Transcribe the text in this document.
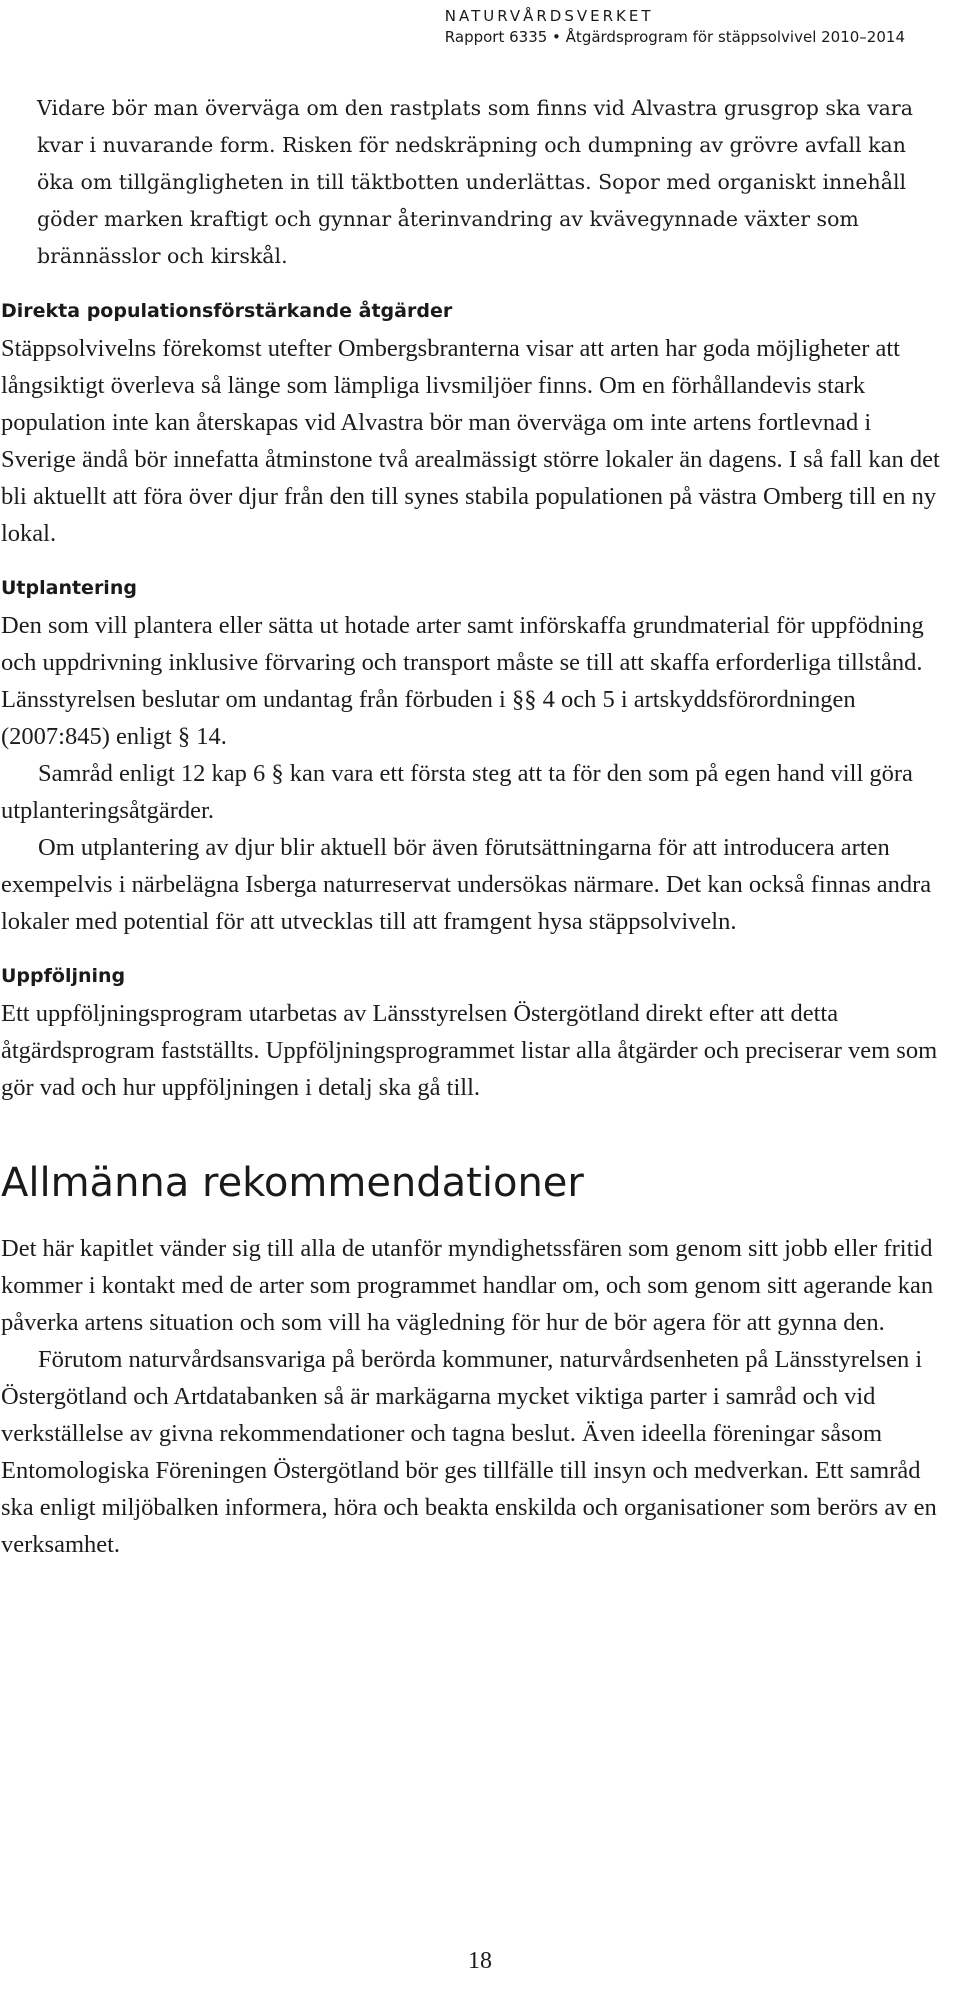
NATURVÅRDSVERKET
Rapport 6335 • Åtgärdsprogram för stäppsolvivel 2010–2014

Vidare bör man överväga om den rastplats som finns vid Alvastra grusgrop ska vara kvar i nuvarande form. Risken för nedskräpning och dumpning av grövre avfall kan öka om tillgängligheten in till täktbotten underlättas. Sopor med organiskt innehåll göder marken kraftigt och gynnar återinvandring av kvävegynnade växter som brännässlor och kirskål.

Direkta populationsförstärkande åtgärder

Stäppsolvivelns förekomst utefter Ombergsbranterna visar att arten har goda möjligheter att långsiktigt överleva så länge som lämpliga livsmiljöer finns. Om en förhållandevis stark population inte kan återskapas vid Alvastra bör man överväga om inte artens fortlevnad i Sverige ändå bör innefatta åtminstone två arealmässigt större lokaler än dagens. I så fall kan det bli aktuellt att föra över djur från den till synes stabila populationen på västra Omberg till en ny lokal.

Utplantering

Den som vill plantera eller sätta ut hotade arter samt införskaffa grundmaterial för uppfödning och uppdrivning inklusive förvaring och transport måste se till att skaffa erforderliga tillstånd. Länsstyrelsen beslutar om undantag från förbuden i §§ 4 och 5 i artskyddsförordningen (2007:845) enligt § 14.

Samråd enligt 12 kap 6 § kan vara ett första steg att ta för den som på egen hand vill göra utplanteringsåtgärder.

Om utplantering av djur blir aktuell bör även förutsättningarna för att introducera arten exempelvis i närbelägna Isberga naturreservat undersökas närmare. Det kan också finnas andra lokaler med potential för att utvecklas till att framgent hysa stäppsolviveln.

Uppföljning

Ett uppföljningsprogram utarbetas av Länsstyrelsen Östergötland direkt efter att detta åtgärdsprogram fastställts. Uppföljningsprogrammet listar alla åtgärder och preciserar vem som gör vad och hur uppföljningen i detalj ska gå till.

Allmänna rekommendationer

Det här kapitlet vänder sig till alla de utanför myndighetssfären som genom sitt jobb eller fritid kommer i kontakt med de arter som programmet handlar om, och som genom sitt agerande kan påverka artens situation och som vill ha vägledning för hur de bör agera för att gynna den.

Förutom naturvårdsansvariga på berörda kommuner, naturvårdsenheten på Länsstyrelsen i Östergötland och Artdatabanken så är markägarna mycket viktiga parter i samråd och vid verkställelse av givna rekommendationer och tagna beslut. Även ideella föreningar såsom Entomologiska Föreningen Östergötland bör ges tillfälle till insyn och medverkan. Ett samråd ska enligt miljöbalken informera, höra och beakta enskilda och organisationer som berörs av en verksamhet.

18
